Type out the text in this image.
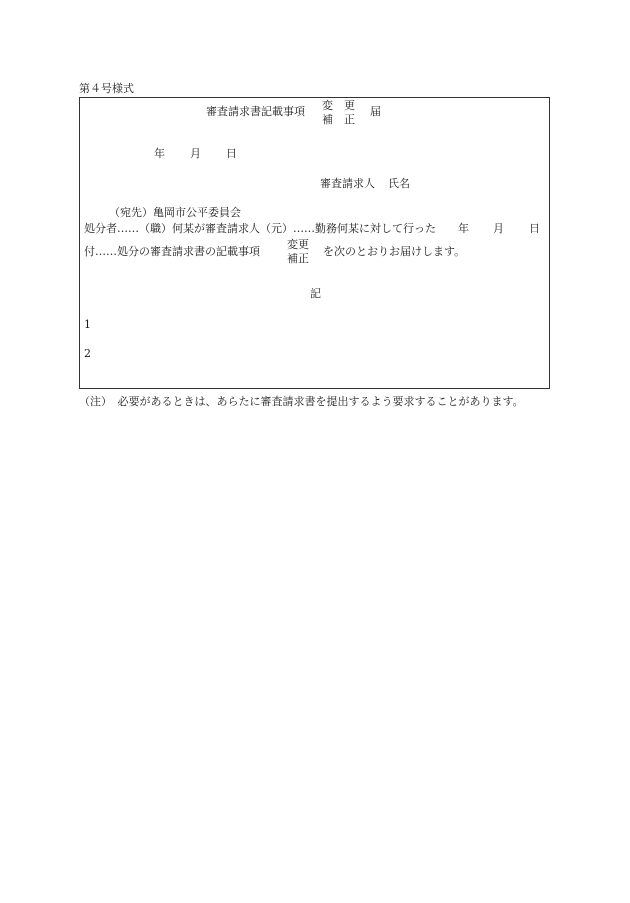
第４号様式
審査請求書記載事項 変　更
補　正
届
年 月 日
審査請求人 氏名
（宛先）亀岡市公平委員会
処分者……（職）何某が審査請求人（元）……勤務何某に対して行った 年 月 日
付……処分の審査請求書の記載事項
変更
補正
を次のとおりお届けします。
記
1
2
（注）　必要があるときは、あらたに審査請求書を提出するよう要求することがあります。
